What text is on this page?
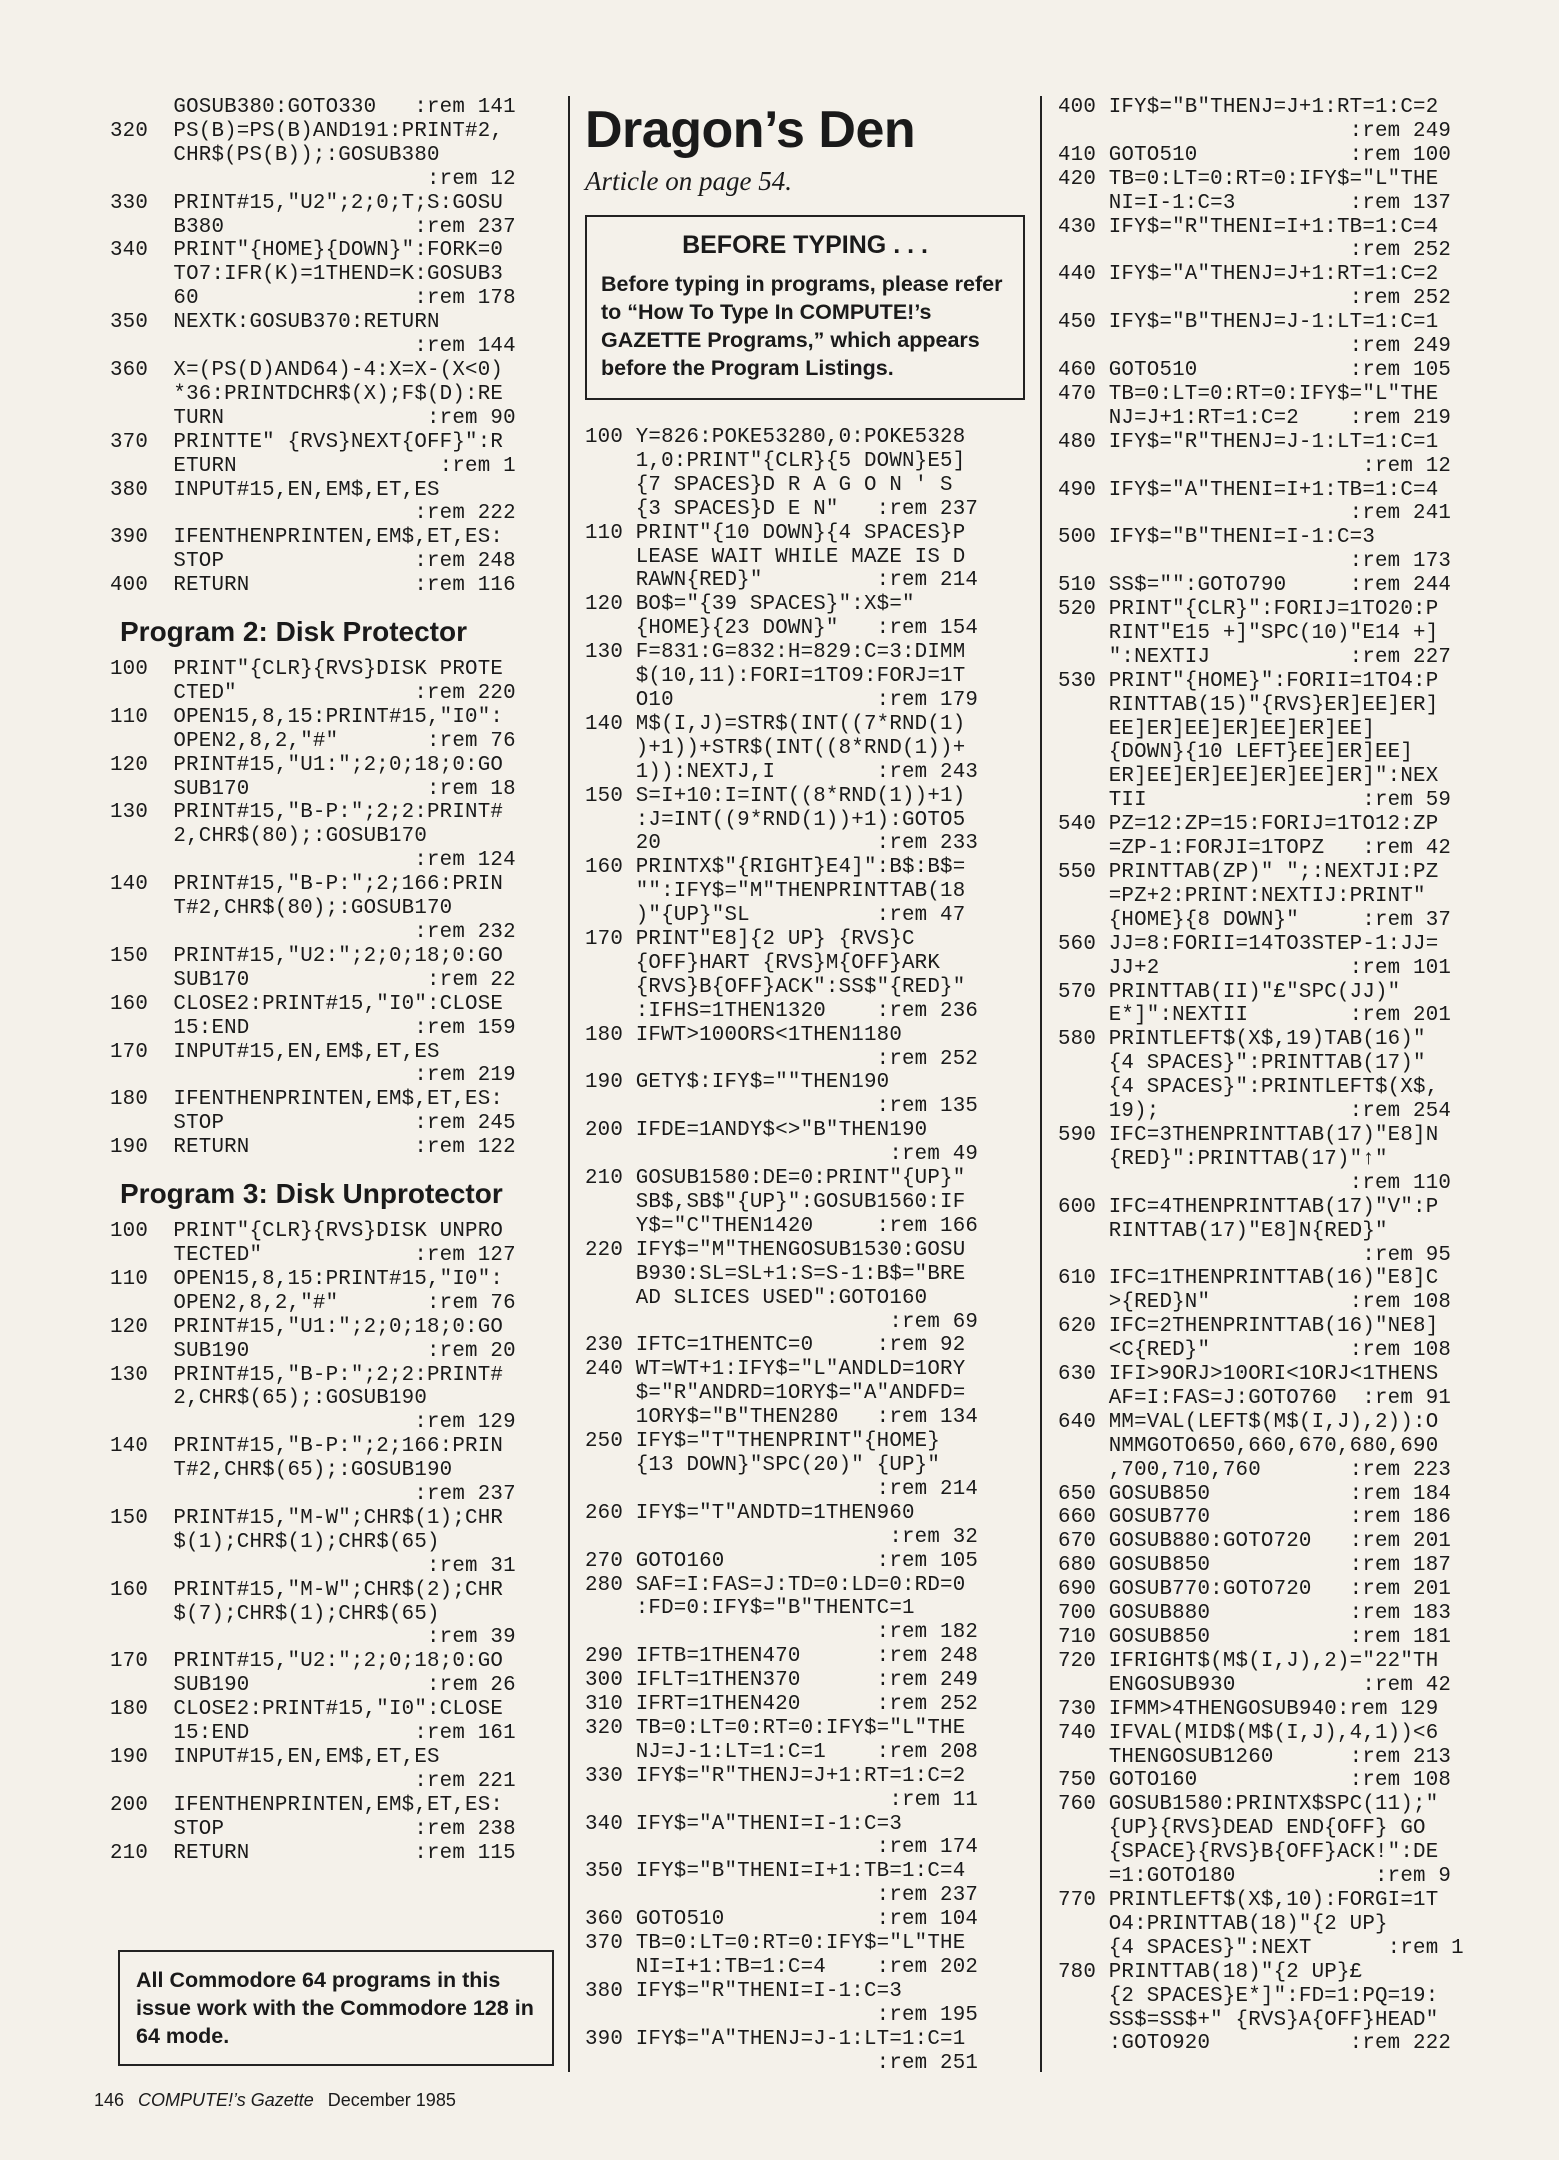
GOSUB380:GOTO330   :rem 141
320  PS(B)=PS(B)AND191:PRINT#2,
CHR$(PS(B));:GOSUB380
:rem 12
330  PRINT#15,"U2";2;0;T;S:GOSU
B380               :rem 237
340  PRINT"{HOME}{DOWN}":FORK=0
TO7:IFR(K)=1THEND=K:GOSUB3
60                 :rem 178
350  NEXTK:GOSUB370:RETURN
:rem 144
360  X=(PS(D)AND64)-4:X=X-(X<0)
*36:PRINTDCHR$(X);F$(D):RE
TURN                :rem 90
370  PRINTTE" {RVS}NEXT{OFF}":R
ETURN                :rem 1
380  INPUT#15,EN,EM$,ET,ES
:rem 222
390  IFENTHENPRINTEN,EM$,ET,ES:
STOP               :rem 248
400  RETURN             :rem 116
Program 2: Disk Protector
100  PRINT"{CLR}{RVS}DISK PROTE
CTED"              :rem 220
110  OPEN15,8,15:PRINT#15,"I0":
OPEN2,8,2,"#"       :rem 76
120  PRINT#15,"U1:";2;0;18;0:GO
SUB170              :rem 18
130  PRINT#15,"B-P:";2;2:PRINT#
2,CHR$(80);:GOSUB170
:rem 124
140  PRINT#15,"B-P:";2;166:PRIN
T#2,CHR$(80);:GOSUB170
:rem 232
150  PRINT#15,"U2:";2;0;18;0:GO
SUB170              :rem 22
160  CLOSE2:PRINT#15,"I0":CLOSE
15:END             :rem 159
170  INPUT#15,EN,EM$,ET,ES
:rem 219
180  IFENTHENPRINTEN,EM$,ET,ES:
STOP               :rem 245
190  RETURN             :rem 122
Program 3: Disk Unprotector
100  PRINT"{CLR}{RVS}DISK UNPRO
TECTED"            :rem 127
110  OPEN15,8,15:PRINT#15,"I0":
OPEN2,8,2,"#"       :rem 76
120  PRINT#15,"U1:";2;0;18;0:GO
SUB190              :rem 20
130  PRINT#15,"B-P:";2;2:PRINT#
2,CHR$(65);:GOSUB190
:rem 129
140  PRINT#15,"B-P:";2;166:PRIN
T#2,CHR$(65);:GOSUB190
:rem 237
150  PRINT#15,"M-W";CHR$(1);CHR
$(1);CHR$(1);CHR$(65)
:rem 31
160  PRINT#15,"M-W";CHR$(2);CHR
$(7);CHR$(1);CHR$(65)
:rem 39
170  PRINT#15,"U2:";2;0;18;0:GO
SUB190              :rem 26
180  CLOSE2:PRINT#15,"I0":CLOSE
15:END             :rem 161
190  INPUT#15,EN,EM$,ET,ES
:rem 221
200  IFENTHENPRINTEN,EM$,ET,ES:
STOP               :rem 238
210  RETURN             :rem 115
All Commodore 64 programs in this issue work with the Commodore 128 in 64 mode.
Dragon’s Den
Article on page 54.
BEFORE TYPING . . .
Before typing in programs, please refer to “How To Type In COMPUTE!’s GAZETTE Programs,” which appears before the Program Listings.
100 Y=826:POKE53280,0:POKE5328
1,0:PRINT"{CLR}{5 DOWN}E5]
{7 SPACES}D R A G O N ' S
{3 SPACES}D E N"   :rem 237
110 PRINT"{10 DOWN}{4 SPACES}P
LEASE WAIT WHILE MAZE IS D
RAWN{RED}"         :rem 214
120 BO$="{39 SPACES}":X$="
{HOME}{23 DOWN}"   :rem 154
130 F=831:G=832:H=829:C=3:DIMM
$(10,11):FORI=1TO9:FORJ=1T
O10                :rem 179
140 M$(I,J)=STR$(INT((7*RND(1)
)+1))+STR$(INT((8*RND(1))+
1)):NEXTJ,I        :rem 243
150 S=I+10:I=INT((8*RND(1))+1)
:J=INT((9*RND(1))+1):GOTO5
20                 :rem 233
160 PRINTX$"{RIGHT}E4]":B$:B$=
"":IFY$="M"THENPRINTTAB(18
)"{UP}"SL          :rem 47
170 PRINT"E8]{2 UP} {RVS}C
{OFF}HART {RVS}M{OFF}ARK
{RVS}B{OFF}ACK":SS$"{RED}"
:IFHS=1THEN1320    :rem 236
180 IFWT>100ORS<1THEN1180
:rem 252
190 GETY$:IFY$=""THEN190
:rem 135
200 IFDE=1ANDY$<>"B"THEN190
:rem 49
210 GOSUB1580:DE=0:PRINT"{UP}"
SB$,SB$"{UP}":GOSUB1560:IF
Y$="C"THEN1420     :rem 166
220 IFY$="M"THENGOSUB1530:GOSU
B930:SL=SL+1:S=S-1:B$="BRE
AD SLICES USED":GOTO160
:rem 69
230 IFTC=1THENTC=0     :rem 92
240 WT=WT+1:IFY$="L"ANDLD=1ORY
$="R"ANDRD=1ORY$="A"ANDFD=
1ORY$="B"THEN280   :rem 134
250 IFY$="T"THENPRINT"{HOME}
{13 DOWN}"SPC(20)" {UP}"
:rem 214
260 IFY$="T"ANDTD=1THEN960
:rem 32
270 GOTO160            :rem 105
280 SAF=I:FAS=J:TD=0:LD=0:RD=0
:FD=0:IFY$="B"THENTC=1
:rem 182
290 IFTB=1THEN470      :rem 248
300 IFLT=1THEN370      :rem 249
310 IFRT=1THEN420      :rem 252
320 TB=0:LT=0:RT=0:IFY$="L"THE
NJ=J-1:LT=1:C=1    :rem 208
330 IFY$="R"THENJ=J+1:RT=1:C=2
:rem 11
340 IFY$="A"THENI=I-1:C=3
:rem 174
350 IFY$="B"THENI=I+1:TB=1:C=4
:rem 237
360 GOTO510            :rem 104
370 TB=0:LT=0:RT=0:IFY$="L"THE
NI=I+1:TB=1:C=4    :rem 202
380 IFY$="R"THENI=I-1:C=3
:rem 195
390 IFY$="A"THENJ=J-1:LT=1:C=1
:rem 251
400 IFY$="B"THENJ=J+1:RT=1:C=2
:rem 249
410 GOTO510            :rem 100
420 TB=0:LT=0:RT=0:IFY$="L"THE
NI=I-1:C=3         :rem 137
430 IFY$="R"THENI=I+1:TB=1:C=4
:rem 252
440 IFY$="A"THENJ=J+1:RT=1:C=2
:rem 252
450 IFY$="B"THENJ=J-1:LT=1:C=1
:rem 249
460 GOTO510            :rem 105
470 TB=0:LT=0:RT=0:IFY$="L"THE
NJ=J+1:RT=1:C=2    :rem 219
480 IFY$="R"THENJ=J-1:LT=1:C=1
:rem 12
490 IFY$="A"THENI=I+1:TB=1:C=4
:rem 241
500 IFY$="B"THENI=I-1:C=3
:rem 173
510 SS$="":GOTO790     :rem 244
520 PRINT"{CLR}":FORIJ=1TO20:P
RINT"E15 +]"SPC(10)"E14 +]
":NEXTIJ           :rem 227
530 PRINT"{HOME}":FORII=1TO4:P
RINTTAB(15)"{RVS}ER]EE]ER]
EE]ER]EE]ER]EE]ER]EE]
{DOWN}{10 LEFT}EE]ER]EE]
ER]EE]ER]EE]ER]EE]ER]":NEX
TII                 :rem 59
540 PZ=12:ZP=15:FORIJ=1TO12:ZP
=ZP-1:FORJI=1TOPZ   :rem 42
550 PRINTTAB(ZP)" ";:NEXTJI:PZ
=PZ+2:PRINT:NEXTIJ:PRINT"
{HOME}{8 DOWN}"     :rem 37
560 JJ=8:FORII=14TO3STEP-1:JJ=
JJ+2               :rem 101
570 PRINTTAB(II)"£"SPC(JJ)"
E*]":NEXTII        :rem 201
580 PRINTLEFT$(X$,19)TAB(16)"
{4 SPACES}":PRINTTAB(17)"
{4 SPACES}":PRINTLEFT$(X$,
19);               :rem 254
590 IFC=3THENPRINTTAB(17)"E8]N
{RED}":PRINTTAB(17)"↑"
:rem 110
600 IFC=4THENPRINTTAB(17)"V":P
RINTTAB(17)"E8]N{RED}"
:rem 95
610 IFC=1THENPRINTTAB(16)"E8]C
>{RED}N"           :rem 108
620 IFC=2THENPRINTTAB(16)"NE8]
<C{RED}"           :rem 108
630 IFI>9ORJ>10ORI<1ORJ<1THENS
AF=I:FAS=J:GOTO760  :rem 91
640 MM=VAL(LEFT$(M$(I,J),2)):O
NMMGOTO650,660,670,680,690
,700,710,760       :rem 223
650 GOSUB850           :rem 184
660 GOSUB770           :rem 186
670 GOSUB880:GOTO720   :rem 201
680 GOSUB850           :rem 187
690 GOSUB770:GOTO720   :rem 201
700 GOSUB880           :rem 183
710 GOSUB850           :rem 181
720 IFRIGHT$(M$(I,J),2)="22"TH
ENGOSUB930          :rem 42
730 IFMM>4THENGOSUB940:rem 129
740 IFVAL(MID$(M$(I,J),4,1))<6
THENGOSUB1260      :rem 213
750 GOTO160            :rem 108
760 GOSUB1580:PRINTX$SPC(11);"
{UP}{RVS}DEAD END{OFF} GO
{SPACE}{RVS}B{OFF}ACK!":DE
=1:GOTO180           :rem 9
770 PRINTLEFT$(X$,10):FORGI=1T
O4:PRINTTAB(18)"{2 UP}
{4 SPACES}":NEXT      :rem 1
780 PRINTTAB(18)"{2 UP}£
{2 SPACES}E*]":FD=1:PQ=19:
SS$=SS$+" {RVS}A{OFF}HEAD"
:GOTO920           :rem 222
146 COMPUTE!’s Gazette December 1985
